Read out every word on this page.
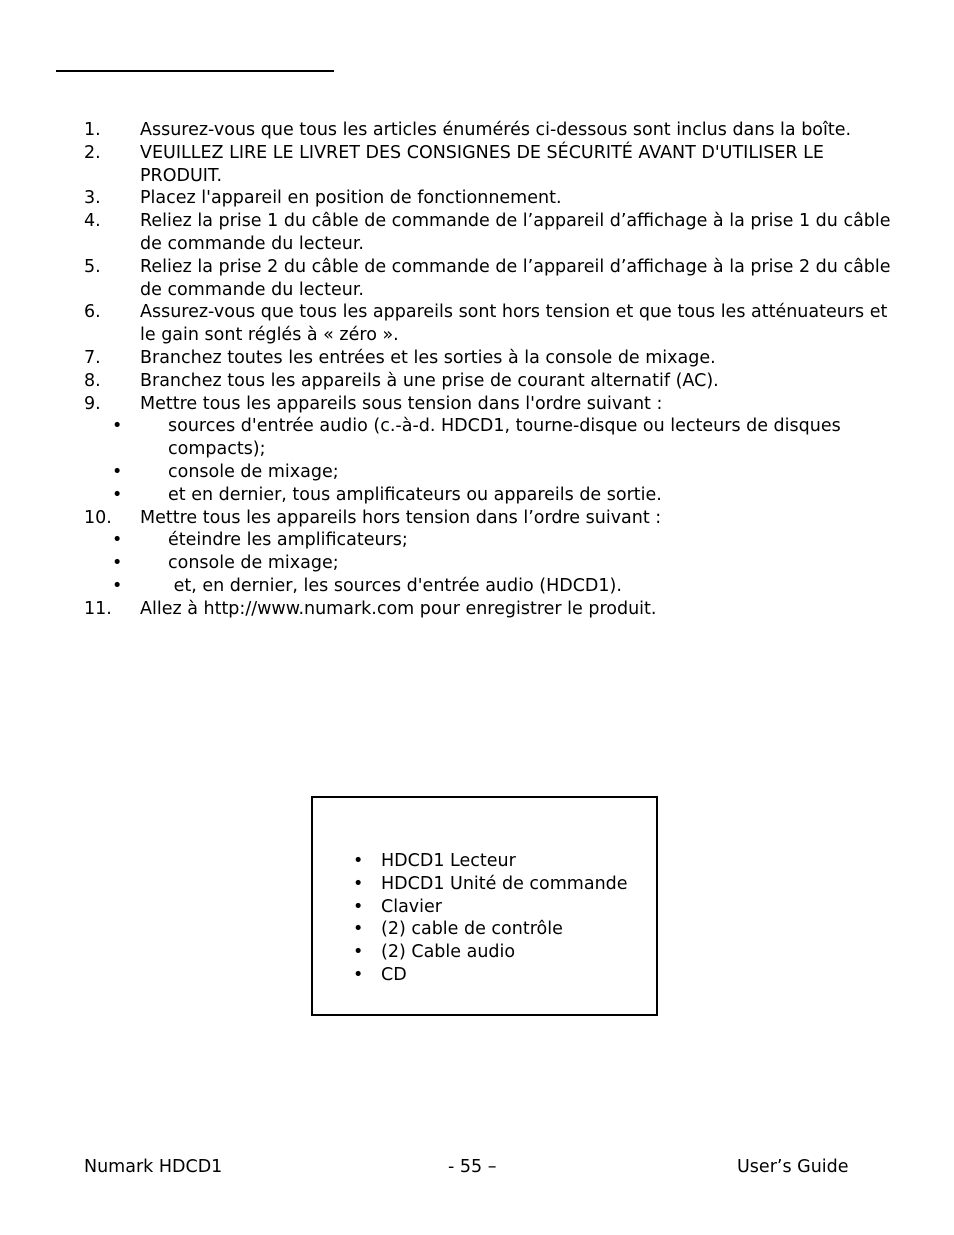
1. Assurez-vous que tous les articles énumérés ci-dessous sont inclus dans la boîte.
2. VEUILLEZ LIRE LE LIVRET DES CONSIGNES DE SÉCURITÉ AVANT D'UTILISER LE PRODUIT.
3. Placez l'appareil en position de fonctionnement.
4. Reliez la prise 1 du câble de commande de l’appareil d’affichage à la prise 1 du câble de commande du lecteur.
5. Reliez la prise 2 du câble de commande de l’appareil d’affichage à la prise 2 du câble de commande du lecteur.
6. Assurez-vous que tous les appareils sont hors tension et que tous les atténuateurs et le gain sont réglés à « zéro ».
7. Branchez toutes les entrées et les sorties à la console de mixage.
8. Branchez tous les appareils à une prise de courant alternatif (AC).
9. Mettre tous les appareils sous tension dans l'ordre suivant :
•	sources d'entrée audio (c.-à-d. HDCD1, tourne-disque ou lecteurs de disques compacts);
•	console de mixage;
•	et en dernier, tous amplificateurs ou appareils de sortie.
10. Mettre tous les appareils hors tension dans l’ordre suivant :
•	éteindre les amplificateurs;
•	console de mixage;
•	et, en dernier, les sources d'entrée audio (HDCD1).
11. Allez à http://www.numark.com pour enregistrer le produit.
• HDCD1 Lecteur
• HDCD1 Unité de commande
• Clavier
• (2) cable de contrôle
• (2) Cable audio
• CD
Numark HDCD1	- 55 –	User’s Guide
